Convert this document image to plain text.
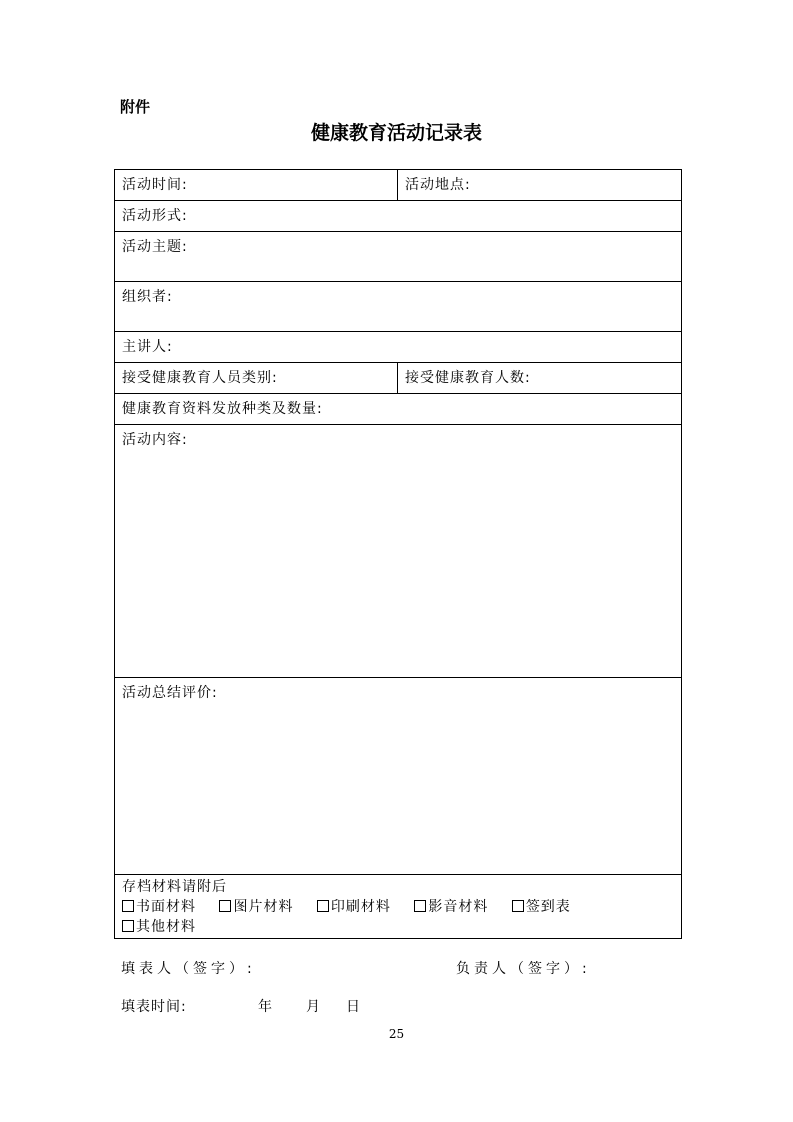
附件
健康教育活动记录表
活动时间:	活动地点:
活动形式:	
活动主题:	
组织者:	
主讲人:	
接受健康教育人员类别:	接受健康教育人数:
健康教育资料发放种类及数量:	
活动内容:	
活动总结评价:	

存档材料请附后
书面材料 图片材料 印刷材料 影音材料 签到表
其他材料	
填表人（签字）:	负责人（签字）:
填表时间:	年 月 日
25
